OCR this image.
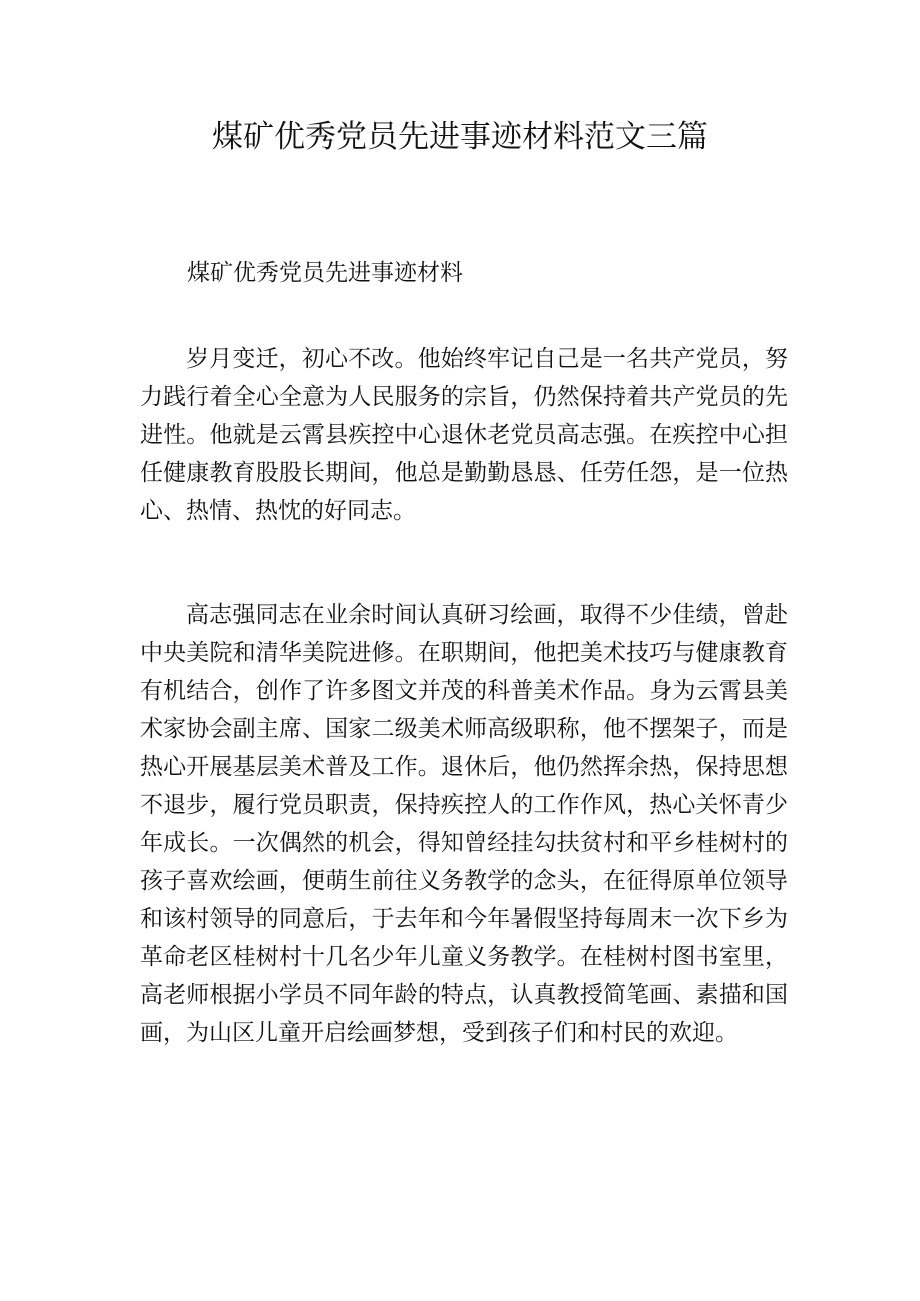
煤矿优秀党员先进事迹材料范文三篇

煤矿优秀党员先进事迹材料

岁月变迁，初心不改。他始终牢记自己是一名共产党员，努力践行着全心全意为人民服务的宗旨，仍然保持着共产党员的先进性。他就是云霄县疾控中心退休老党员高志强。在疾控中心担任健康教育股股长期间，他总是勤勤恳恳、任劳任怨，是一位热心、热情、热忱的好同志。

高志强同志在业余时间认真研习绘画，取得不少佳绩，曾赴中央美院和清华美院进修。在职期间，他把美术技巧与健康教育有机结合，创作了许多图文并茂的科普美术作品。身为云霄县美术家协会副主席、国家二级美术师高级职称，他不摆架子，而是热心开展基层美术普及工作。退休后，他仍然挥余热，保持思想不退步，履行党员职责，保持疾控人的工作作风，热心关怀青少年成长。一次偶然的机会，得知曾经挂勾扶贫村和平乡桂树村的孩子喜欢绘画，便萌生前往义务教学的念头，在征得原单位领导和该村领导的同意后，于去年和今年暑假坚持每周末一次下乡为革命老区桂树村十几名少年儿童义务教学。在桂树村图书室里，高老师根据小学员不同年龄的特点，认真教授简笔画、素描和国画，为山区儿童开启绘画梦想，受到孩子们和村民的欢迎。
